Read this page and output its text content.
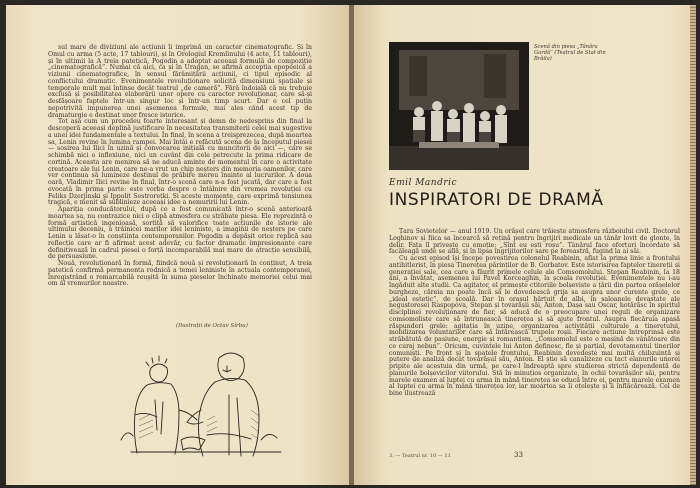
sul mare de diviziuni ale acțiunii îi imprimă un caracter cinematografic. Și în Omul cu arma (5 acte, 17 tablouri), și în Orologiul Kremlinului (4 acte, 11 tablouri), și în ultimii la A treia patetică, Pogodin a adoptat aceeași formulă de compoziție „cinematografică”. Numai că aici, ca și în Uragan, se afirmă acceptia epopeeică a viziunii cinematografice, în sensul fărâmițării acțiunii, ci tipul episodic al conflictului dramatic. Evenimentele revoluționare solicită dimensiuni spațiale și temporale mult mai întinse decât teatrul „de cameră”. Fără îndoială că nu trebuie exclusă și posibilitatea elaborării unor opere cu caracter revoluționar, care să-și desfășoare faptele într-un singur loc și într-un timp scurt. Dar e cel puțin nepotrivită impunerea unei asemenea formule, mai ales când acest tip de dramaturgie e destinat unor fresce istorice.

Tot așa cum un procedeu foarte interesant și demn de nedesprins din final la descoperă aceeași deplină justificare în necesitatea transmiterii celei mai sugestive a unei idei fundamentale a textului. În final, în scena a treisprezecea, după moartea sa, Lenin revine în lumina rampei. Mai întâi e refăcută scena de la începutul piesei — sosirea lui Ilici în uzină și convocarea inițială cu muncitorii de aici —, care se schimbă nici o inflexiune, nici un cuvânt din cele petrecute la prima ridicare de cortină. Aceasta are menirea să ne aducă aminte de momentul în care o activitate creatoare ale lui Lenin, care ne-a vrut un chip neșters din memoria oamenilor, care ver continua să lumineze destinul de prăbire mereu înainte al lucrurilor. A doua oară, Vladimir Ilici revine în final, într-o scenă care n-a fost jucată, dar care a fost evocată în prima parte: este vorba despre o întâlnire din vremea revoluției cu Feliks Dzerjinski și Ippolit Sestrorețki. Și aceste momente, care exprimă tensiunea tragică, e menit să sublinieze aceeași idee a nemuririi lui Lenin.

Apariția conducătorului, după ce a fost comunicată într-o scenă anterioară moartea sa, nu contrazice nici o clipă atmosfera ce străbate piesa. Ele reprezintă o formă artistică ingenioasă, sortită să valorifice toate acțiunile de istorie ale ultimului deceniu, a trăinicei marilor idei leniniste, a imaginii de neșters pe care Lenin a lăsat-o în conștiința contemporanilor. Pogodin a depășit orice replică sau reflecție care ar fi afirmat acest adevăr, cu factor dramatic impresionante care definitivează în cadrul piesei o forță incomparabilă mai mare de atracție sensibilă, de persuasiune.

Nouă, revoluționară în formă, fiindcă nouă și revoluționară în conținut, A treia patetică confirmă permanenta rodnică a temei leniniste în actuala contemporanei, înregistrând o remarcabilă reușită în suma pieselor închinate memoriei celui mai om al vremurilor noastre.

(Ilustrații de Octav Sîrbu)
Scenă din piesa „Tânăra Gardă” (Teatrul de Stat din Brăila)
Emil Mandric
INSPIRATORI DE DRAMĂ

Țara Sovietelor — anul 1919. Un orășel care trăiește atmosfera războiului civil. Doctorul Loghinov și fiica sa încearcă să rețină pentru îngrijiri medicale un tânăr lovit de glonte, în delir. Fata îl privește cu emoție: „Sînt eu ești roșu”. Tânărul face eforturi încordate să facăleagă unde se află, și în lipsa îngrijitorilor sare pe fereastră, fugind la ai săi.

Cu acest episod își începe povestirea colonelul Reabinin, aflat la prima linie a frontului antihitlerist, în piesa Tinerețea părinților de B. Gorbatov. Este istorisirea faptelor tinereții și generației sale, cea care a făurit primele celule ale Comsomolului. Stepan Reabinin, la 18 ani, a învățat, asemenea lui Pavel Korceaghin, la școala revoluției. Evenimentele nu i-au îngăduit alte studii. Ca agitator, el primește ctitoriile bolșeviste a țării din partea orășelelor burgheze, căreia nu poate încă să le dovedească grija sa asupra unor curente grele, ce „ideal estetic”, de școală. Dar în orașul hărțuit de albi, în saloanele devastate ale negustoresei Raspopova, Stepan și tovarășii săi, Anton, Dașa sau Oscar, hotărăsc în spiritul disciplinei revoluționare de fier, să aducă de o preocupare unei reguli de organizare comsomoliste care să întrunească tinerețea și să ajute frontul. Asupra fiecăruia apasă răspunderi grele: agitația în uzine, organizarea activității culturale a tineretului, mobilizarea voluntarilor care să întărească trupele roșii. Fiecare acțiune întreprinsă este străbătută de pasiune, energie și romantism. „Comsomolul este o mașină de vânătoare din ce curaj nebun”. Oricum, cuvintele lui Anton definesc, fie și parțial, devotamentul tinerilor comuniști. Pe front și în spatele frontului, Reabinin devedește mai multă chibzuință și putere de analiză decât tovarășul său, Anton. El știe să canalizeze cu tact elanurile unorei pripite ale acestuia din urmă, pe care-l îndreaptă spre studierea strictă dependentă de planurile bolșevicilor viitorului. Stă în minuțios organizate, în ochii tovarășilor săi, pentru marele examen al luptei cu arma în mână tinerețea se educă între ei, pentru marele examen al luptei cu arma în mână tinerețea lor, iar moartea sa îi oțelește și îi înflăcărează. Cel de bine ilustrează

3. — Teatrul nr. 10 — 11	33
